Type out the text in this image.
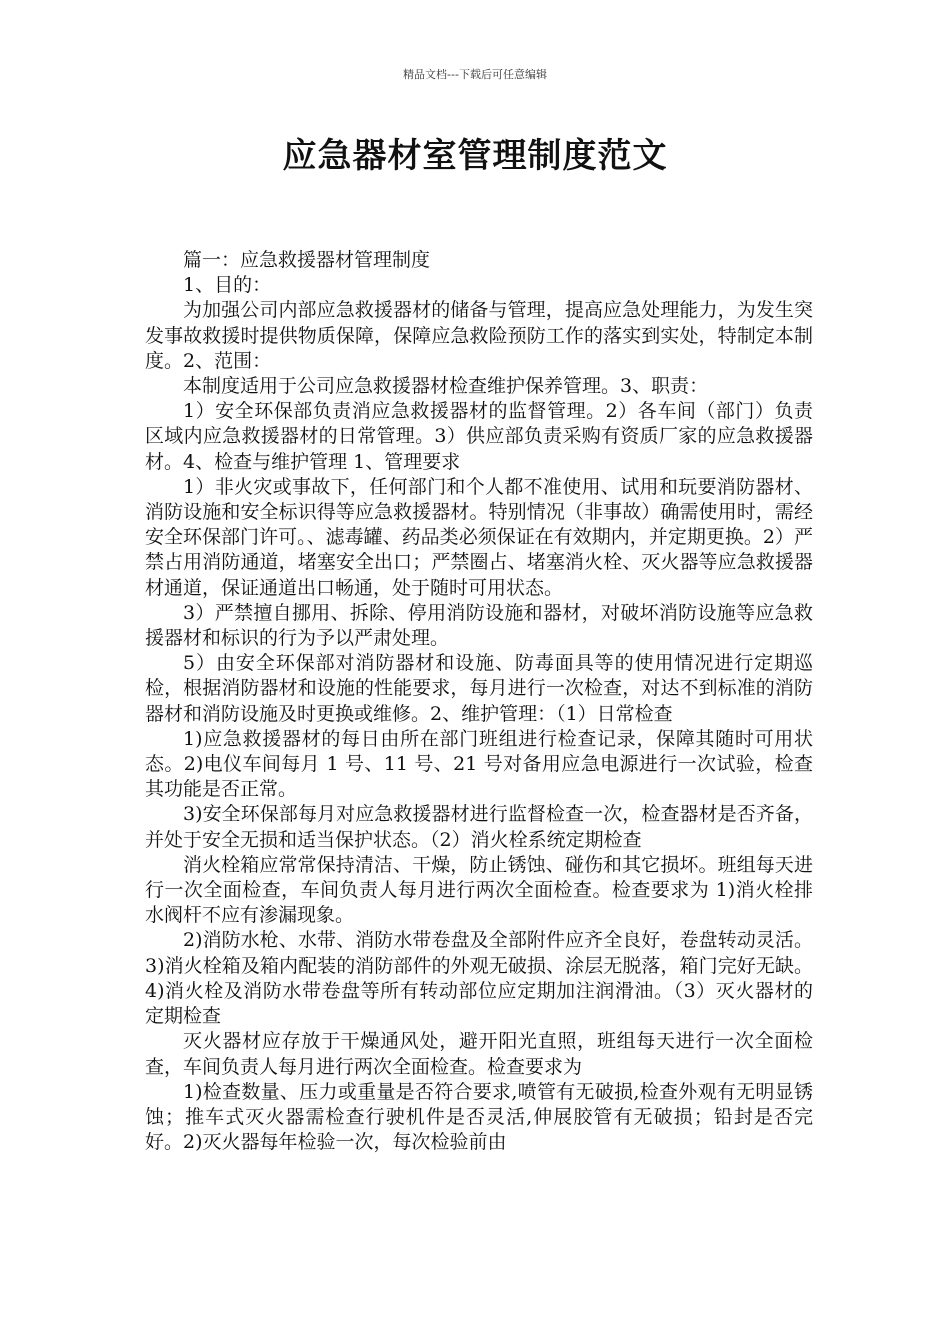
精品文档---下载后可任意编辑
应急器材室管理制度范文

篇一：应急救援器材管理制度

1、目的：

为加强公司内部应急救援器材的储备与管理，提高应急处理能力，为发生突发事故救援时提供物质保障，保障应急救险预防工作的落实到实处，特制定本制度。2、范围：

本制度适用于公司应急救援器材检查维护保养管理。3、职责：

1）安全环保部负责消应急救援器材的监督管理。2）各车间（部门）负责区域内应急救援器材的日常管理。3）供应部负责采购有资质厂家的应急救援器材。4、检查与维护管理 1、管理要求

1）非火灾或事故下，任何部门和个人都不准使用、试用和玩要消防器材、消防设施和安全标识得等应急救援器材。特别情况（非事故）确需使用时，需经安全环保部门许可。、滤毒罐、药品类必须保证在有效期内，并定期更换。2）严禁占用消防通道，堵塞安全出口；严禁圈占、堵塞消火栓、灭火器等应急救援器材通道，保证通道出口畅通，处于随时可用状态。

3）严禁擅自挪用、拆除、停用消防设施和器材，对破坏消防设施等应急救援器材和标识的行为予以严肃处理。

5）由安全环保部对消防器材和设施、防毒面具等的使用情况进行定期巡检，根据消防器材和设施的性能要求，每月进行一次检查，对达不到标准的消防器材和消防设施及时更换或维修。2、维护管理：（1）日常检查

1)应急救援器材的每日由所在部门班组进行检查记录，保障其随时可用状态。2)电仪车间每月 1 号、11 号、21 号对备用应急电源进行一次试验，检查其功能是否正常。

3)安全环保部每月对应急救援器材进行监督检查一次，检查器材是否齐备，并处于安全无损和适当保护状态。（2）消火栓系统定期检查

消火栓箱应常常保持清洁、干燥，防止锈蚀、碰伤和其它损坏。班组每天进行一次全面检查，车间负责人每月进行两次全面检查。检查要求为 1)消火栓排水阀杆不应有渗漏现象。

2)消防水枪、水带、消防水带卷盘及全部附件应齐全良好，卷盘转动灵活。3)消火栓箱及箱内配装的消防部件的外观无破损、涂层无脱落，箱门完好无缺。4)消火栓及消防水带卷盘等所有转动部位应定期加注润滑油。（3）灭火器材的定期检查

灭火器材应存放于干燥通风处，避开阳光直照，班组每天进行一次全面检查，车间负责人每月进行两次全面检查。检查要求为

1)检查数量、压力或重量是否符合要求,喷管有无破损,检查外观有无明显锈蚀；推车式灭火器需检查行驶机件是否灵活,伸展胶管有无破损；铅封是否完好。2)灭火器每年检验一次，每次检验前由
